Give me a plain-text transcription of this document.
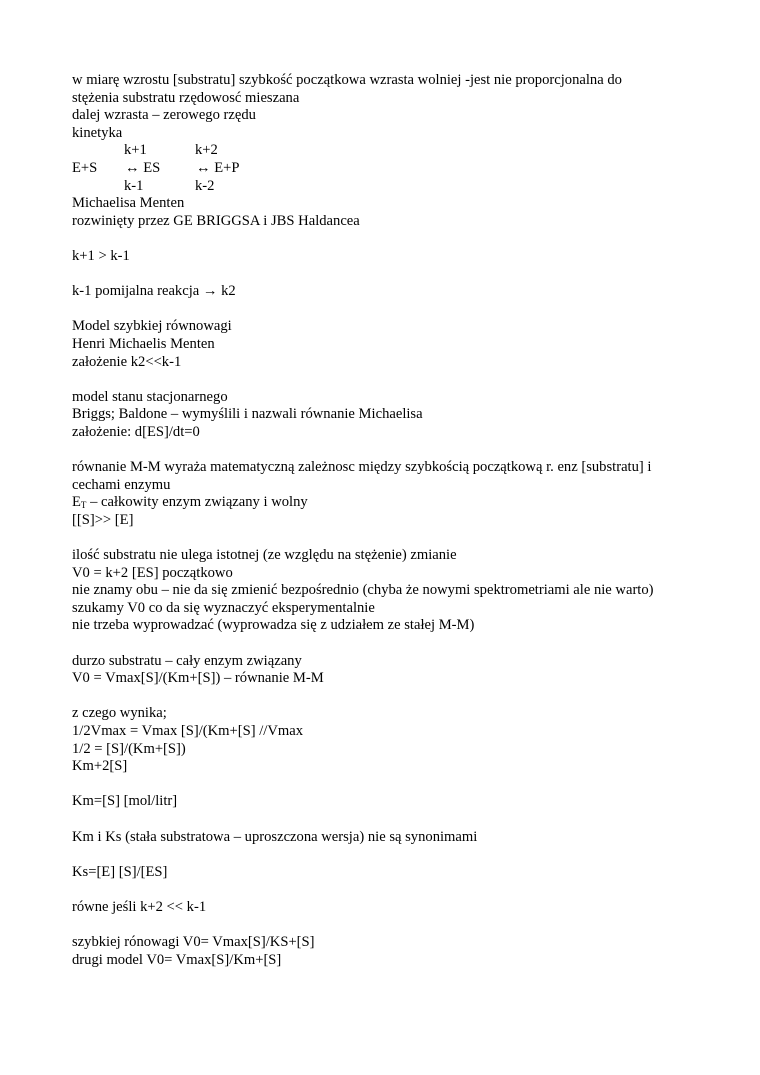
w miarę wzrostu [substratu] szybkość początkowa wzrasta wolniej -jest nie proporcjonalna do
stężenia substratu rzędowosć mieszana
dalej wzrasta – zerowego rzędu
kinetyka
k+1	k+2
E+S ↔ ES ↔ E+P
k-1	k-2
Michaelisa Menten
rozwinięty przez GE BRIGGSA i JBS Haldancea
k+1 > k-1
k-1 pomijalna reakcja → k2
Model szybkiej równowagi
Henri Michaelis Menten
założenie k2<<k-1
model stanu stacjonarnego
Briggs; Baldone – wymyślili i nazwali równanie Michaelisa
założenie: d[ES]/dt=0
równanie M-M wyraża matematyczną zależnosc między szybkością początkową r. enz [substratu] i
cechami enzymu
$E_T$ – całkowity enzym związany i wolny
[[S]>> [E]
ilość substratu nie ulega istotnej (ze względu na stężenie) zmianie
V0 = k+2 [ES] początkowo
nie znamy obu – nie da się zmienić bezpośrednio (chyba że nowymi spektrometriami ale nie warto)
szukamy V0 co da się wyznaczyć eksperymentalnie
nie trzeba wyprowadzać (wyprowadza się z udziałem ze stałej M-M)
durzo substratu – cały enzym związany
V0 = Vmax[S]/(Km+[S]) – równanie M-M
z czego wynika;
1/2Vmax = Vmax [S]/(Km+[S] //Vmax
1/2 = [S]/(Km+[S])
Km+2[S]
Km=[S] [mol/litr]
Km i Ks (stała substratowa – uproszczona wersja) nie są synonimami
Ks=[E] [S]/[ES]
równe jeśli k+2 << k-1
szybkiej rónowagi V0= Vmax[S]/KS+[S]
drugi model V0= Vmax[S]/Km+[S]
